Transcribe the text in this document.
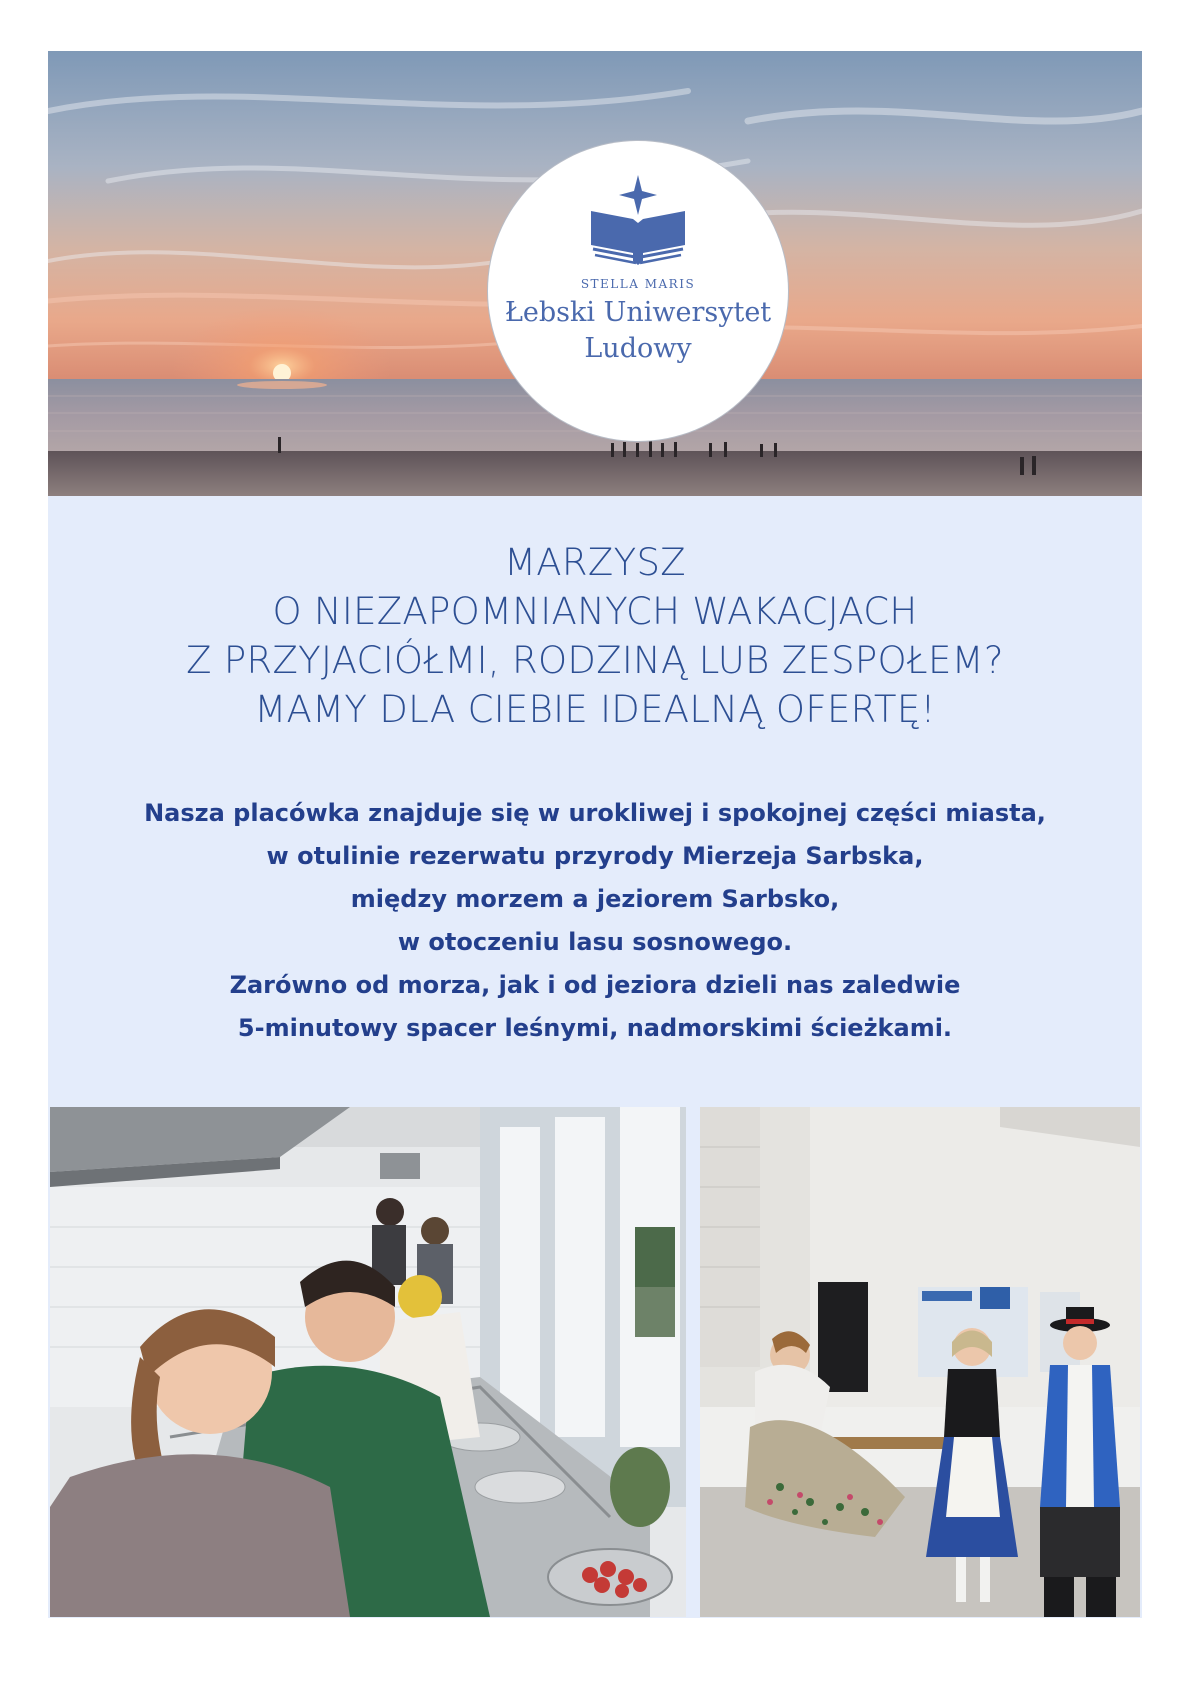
STELLA MARIS
Łebski Uniwersytet
Ludowy
MARZYSZ
O NIEZAPOMNIANYCH WAKACJACH
Z PRZYJACIÓŁMI, RODZINĄ LUB ZESPOŁEM?
MAMY DLA CIEBIE IDEALNĄ OFERTĘ!

Nasza placówka znajduje się w urokliwej i spokojnej części miasta,
w otulinie rezerwatu przyrody Mierzeja Sarbska,
między morzem a jeziorem Sarbsko,
w otoczeniu lasu sosnowego.
Zarówno od morza, jak i od jeziora dzieli nas zaledwie
5-minutowy spacer leśnymi, nadmorskimi ścieżkami.
